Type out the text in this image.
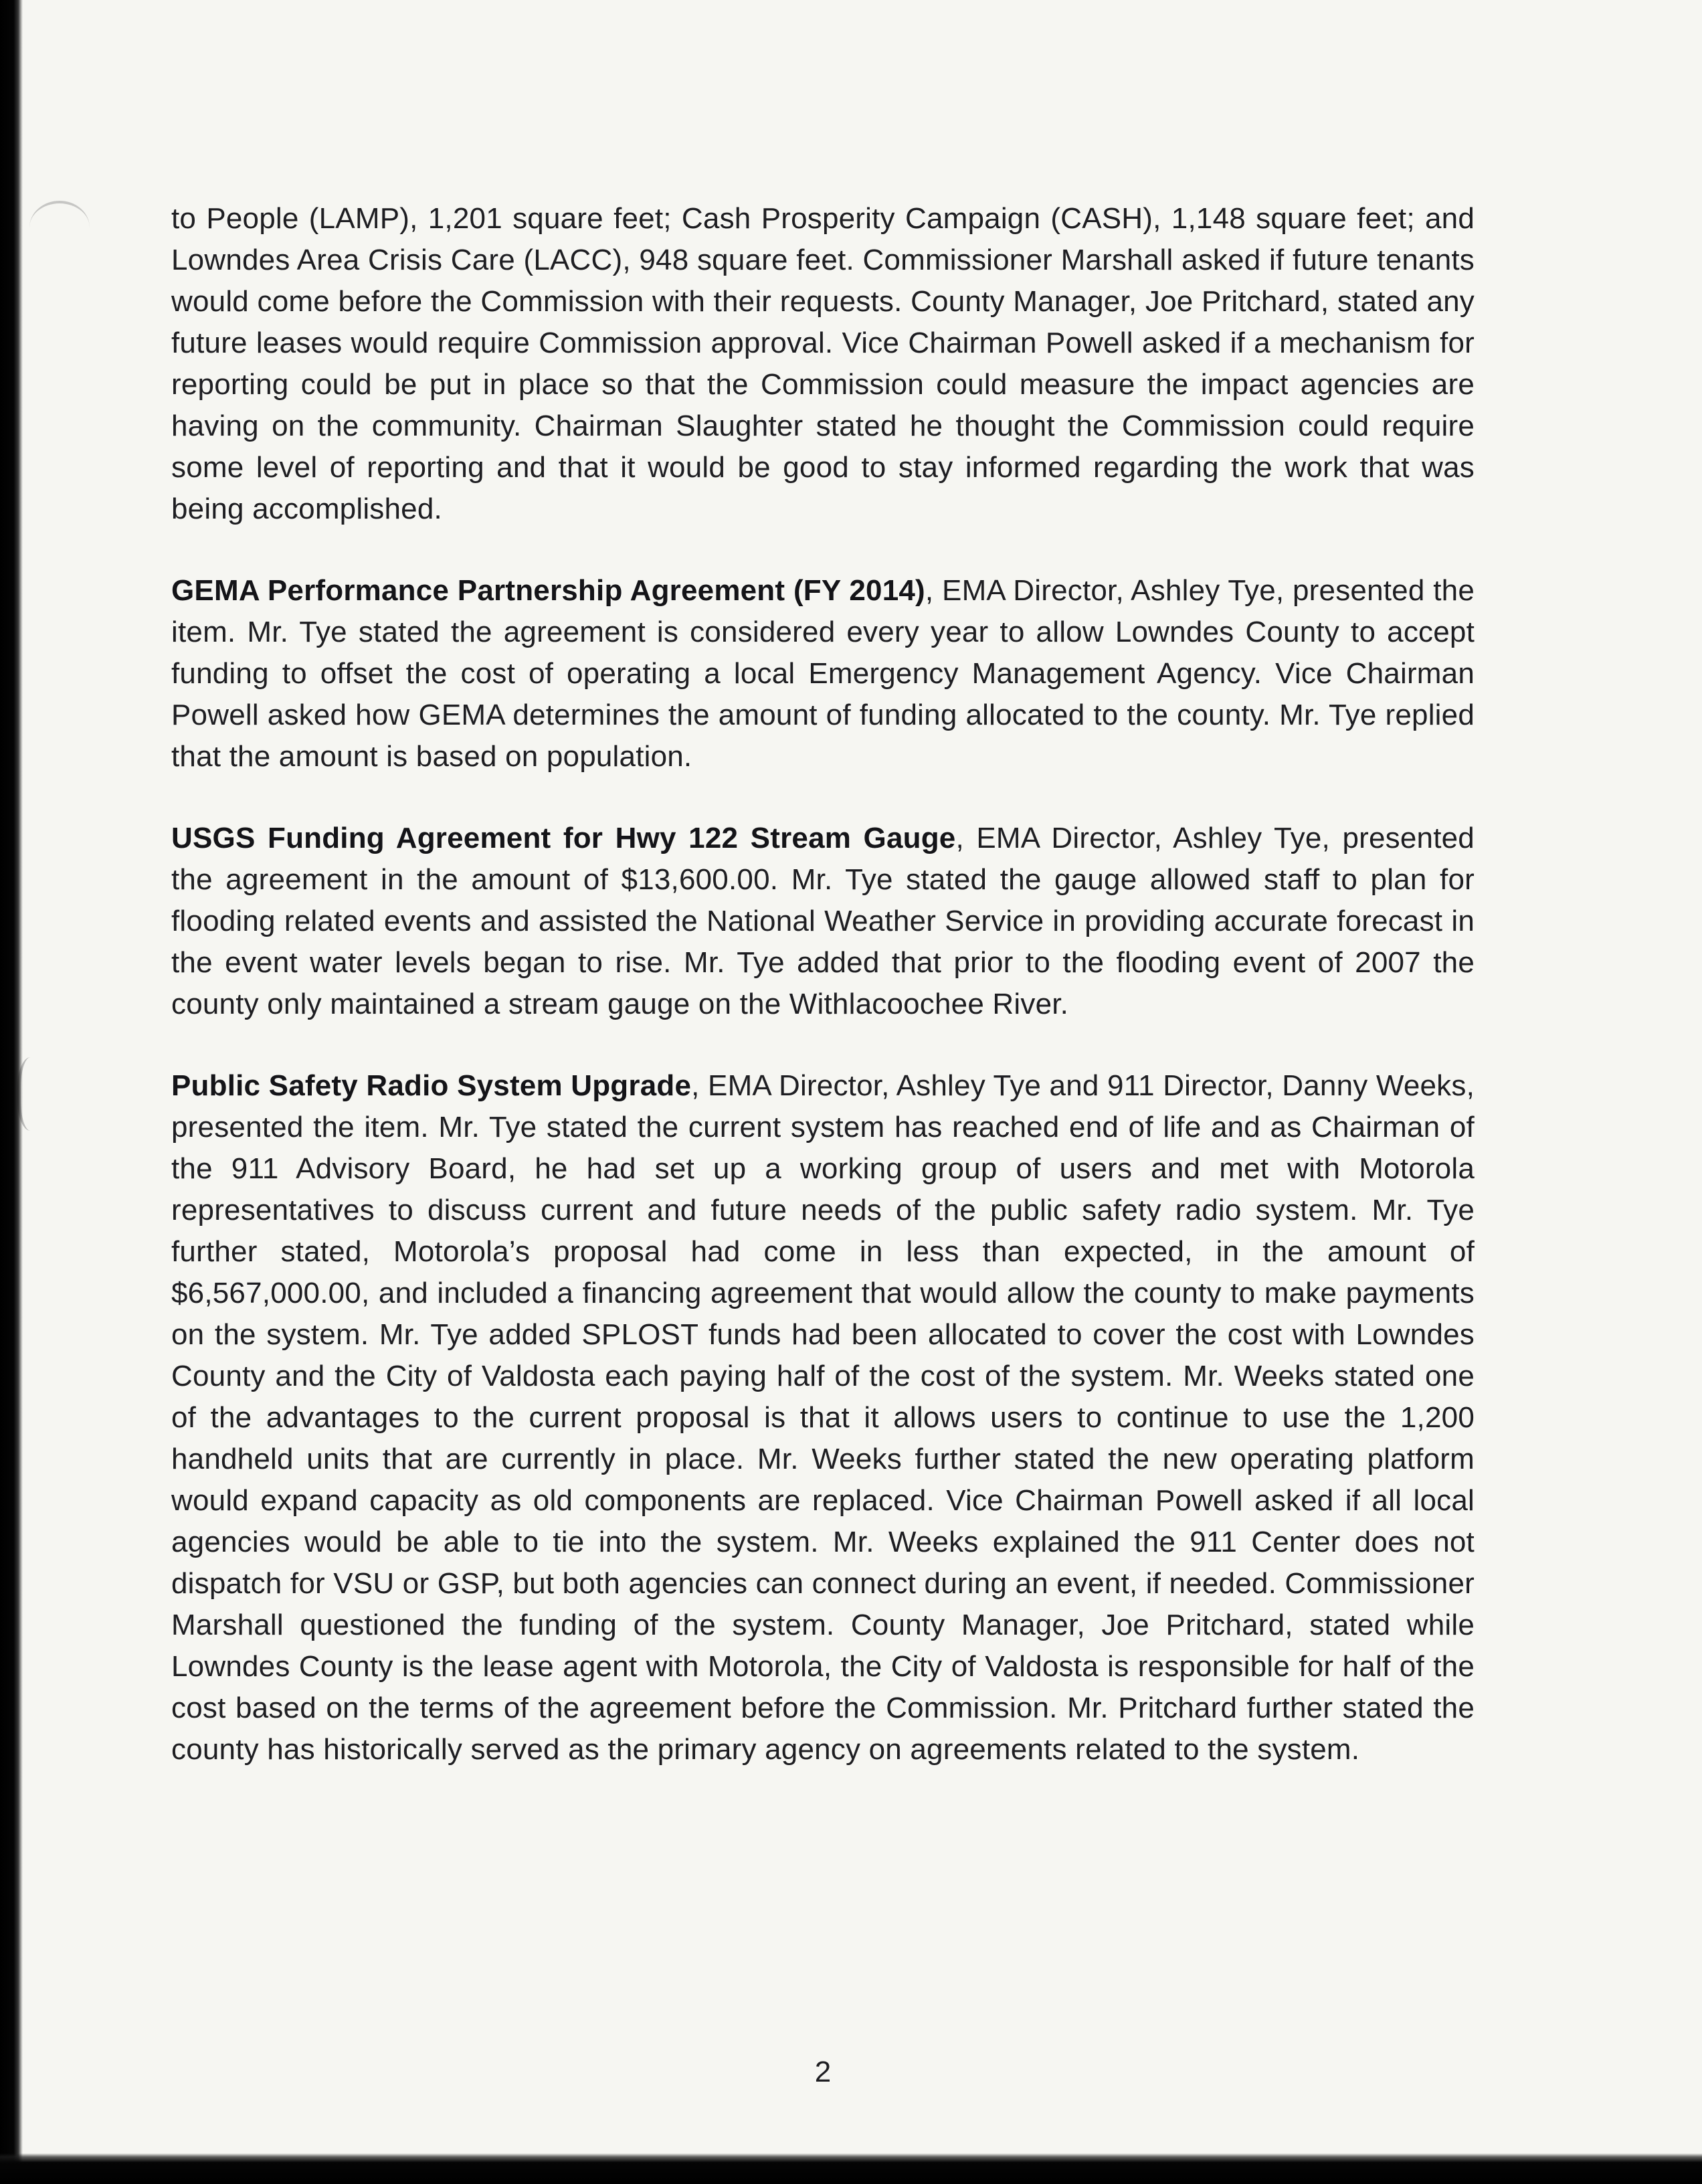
to People (LAMP), 1,201 square feet; Cash Prosperity Campaign (CASH), 1,148 square feet; and Lowndes Area Crisis Care (LACC), 948 square feet. Commissioner Marshall asked if future tenants would come before the Commission with their requests. County Manager, Joe Pritchard, stated any future leases would require Commission approval. Vice Chairman Powell asked if a mechanism for reporting could be put in place so that the Commission could measure the impact agencies are having on the community. Chairman Slaughter stated he thought the Commission could require some level of reporting and that it would be good to stay informed regarding the work that was being accomplished.

GEMA Performance Partnership Agreement (FY 2014), EMA Director, Ashley Tye, presented the item. Mr. Tye stated the agreement is considered every year to allow Lowndes County to accept funding to offset the cost of operating a local Emergency Management Agency. Vice Chairman Powell asked how GEMA determines the amount of funding allocated to the county. Mr. Tye replied that the amount is based on population.

USGS Funding Agreement for Hwy 122 Stream Gauge, EMA Director, Ashley Tye, presented the agreement in the amount of $13,600.00. Mr. Tye stated the gauge allowed staff to plan for flooding related events and assisted the National Weather Service in providing accurate forecast in the event water levels began to rise. Mr. Tye added that prior to the flooding event of 2007 the county only maintained a stream gauge on the Withlacoochee River.

Public Safety Radio System Upgrade, EMA Director, Ashley Tye and 911 Director, Danny Weeks, presented the item. Mr. Tye stated the current system has reached end of life and as Chairman of the 911 Advisory Board, he had set up a working group of users and met with Motorola representatives to discuss current and future needs of the public safety radio system. Mr. Tye further stated, Motorola’s proposal had come in less than expected, in the amount of $6,567,000.00, and included a financing agreement that would allow the county to make payments on the system. Mr. Tye added SPLOST funds had been allocated to cover the cost with Lowndes County and the City of Valdosta each paying half of the cost of the system. Mr. Weeks stated one of the advantages to the current proposal is that it allows users to continue to use the 1,200 handheld units that are currently in place. Mr. Weeks further stated the new operating platform would expand capacity as old components are replaced. Vice Chairman Powell asked if all local agencies would be able to tie into the system. Mr. Weeks explained the 911 Center does not dispatch for VSU or GSP, but both agencies can connect during an event, if needed. Commissioner Marshall questioned the funding of the system. County Manager, Joe Pritchard, stated while Lowndes County is the lease agent with Motorola, the City of Valdosta is responsible for half of the cost based on the terms of the agreement before the Commission. Mr. Pritchard further stated the county has historically served as the primary agency on agreements related to the system.

2
